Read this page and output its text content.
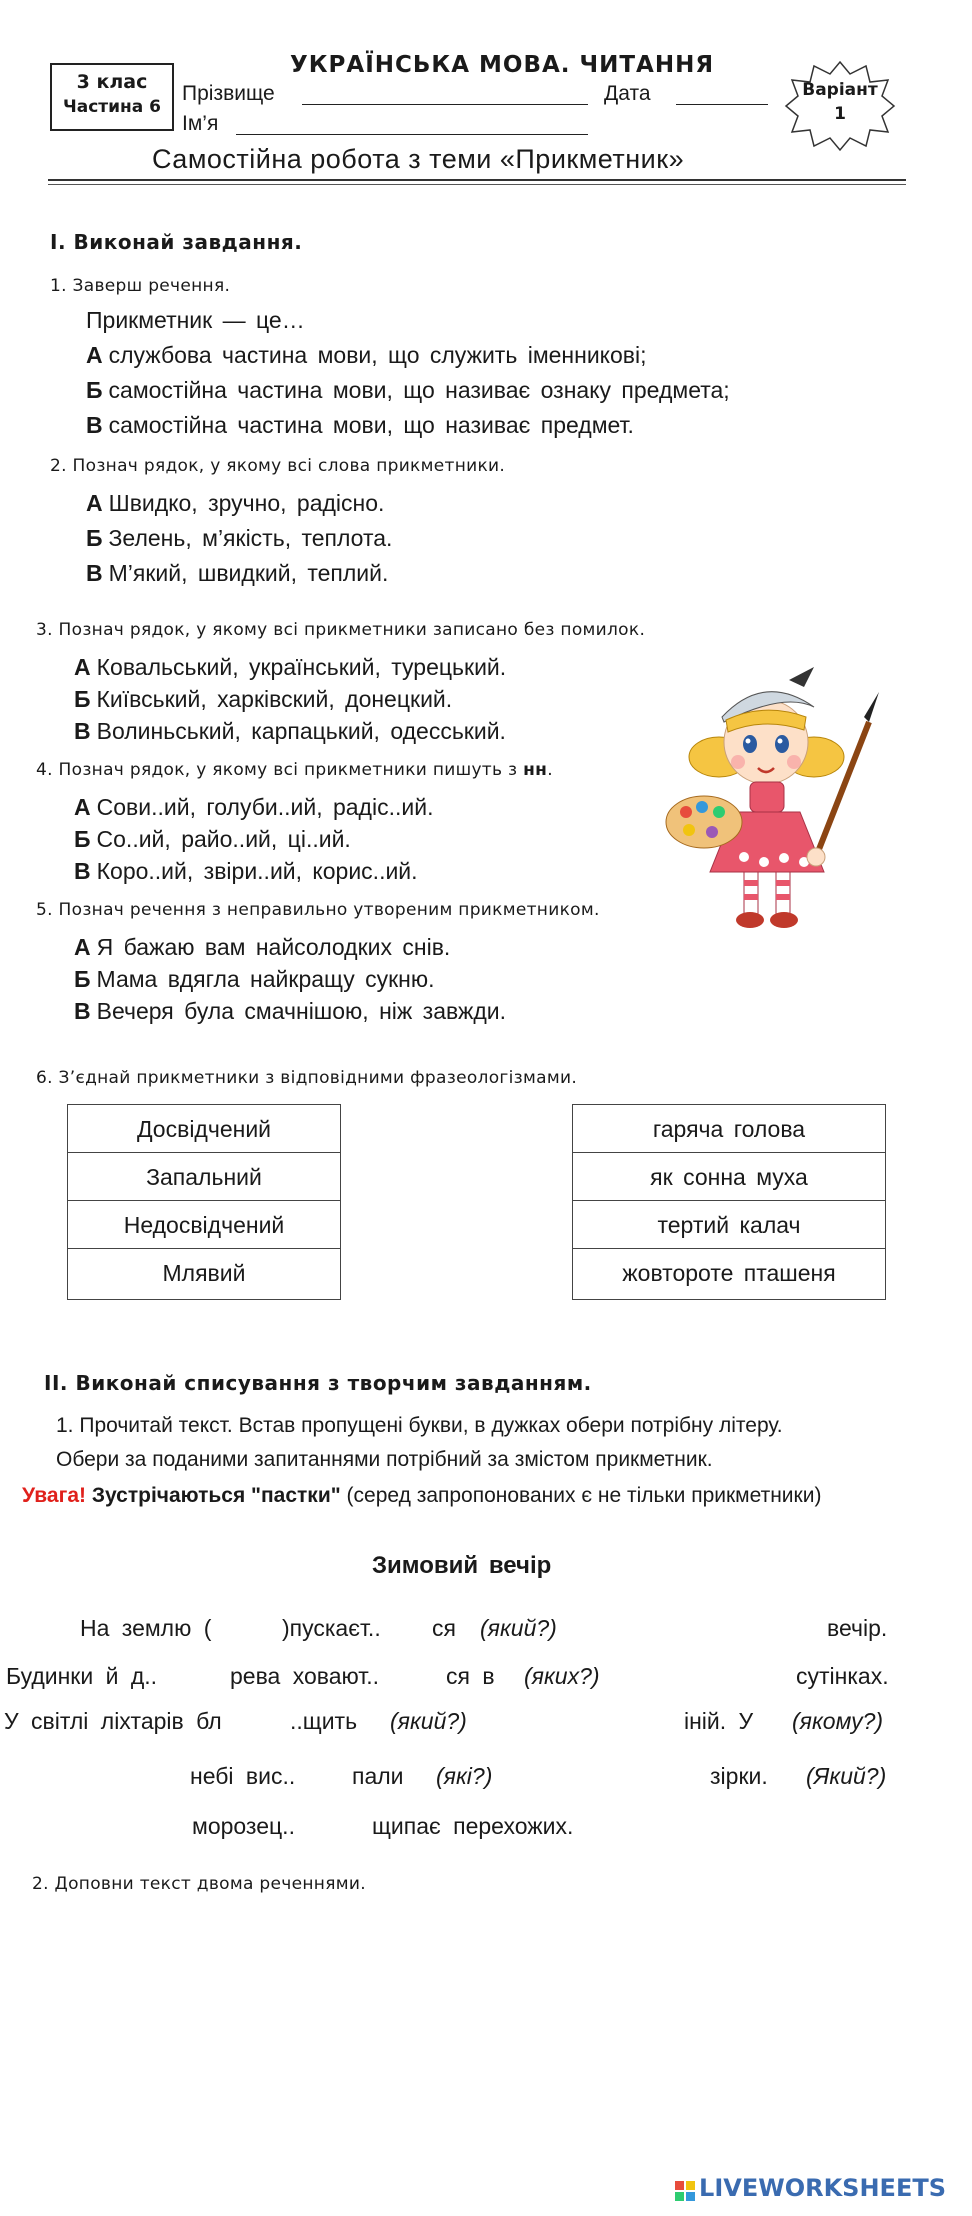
3 клас
Частина 6
УКРАЇНСЬКА МОВА. ЧИТАННЯ
Прізвище	Дата
Ім’я
Варіант
1
Самостійна робота з теми «Прикметник»
I. Виконай завдання.
1. Заверш речення.
Прикметник — це…
А службова частина мови, що служить іменникові;
Б самостійна частина мови, що називає ознаку предмета;
В самостійна частина мови, що називає предмет.
2. Познач рядок, у якому всі слова прикметники.
А Швидко, зручно, радісно.
Б Зелень, м’якість, теплота.
В М’який, швидкий, теплий.
3. Познач рядок, у якому всі прикметники записано без помилок.
А Ковальський, український, турецький.
Б Київський, харківский, донецкий.
В Волиньський, карпацький, одесський.
4. Познач рядок, у якому всі прикметники пишуть з нн.
А Сови..ий, голуби..ий, радіс..ий.
Б Со..ий, райо..ий, ці..ий.
В Коро..ий, звіри..ий, корис..ий.
5. Познач речення з неправильно утвореним прикметником.
А Я бажаю вам найсолодких снів.
Б Мама вдягла найкращу сукню.
В Вечеря була смачнішою, ніж завжди.
6. З’єднай прикметники з відповідними фразеологізмами.
Досвідчений
Запальний
Недосвідчений
Млявий
гаряча голова
як сонна муха
тертий калач
жовтороте пташеня
II. Виконай списування з творчим завданням.
1. Прочитай текст. Встав пропущені букви, в дужках обери потрібну літеру.
Обери за поданими запитаннями потрібний за змістом прикметник.
Увага! Зустрічаються "пастки" (серед запропонованих є не тільки прикметники)
Зимовий вечір
На землю (	)пускаєт.. ся (який?)	вечір.
Будинки й д..	рева ховают..	ся в (яких?)	сутінках.
У світлі ліхтарів бл	..щить (який?)	іній. У (якому?)
небі вис.. пали (які?)	зірки. (Який?)
морозец..	щипає перехожих.
2. Доповни текст двома реченнями.
LIVEWORKSHEETS
